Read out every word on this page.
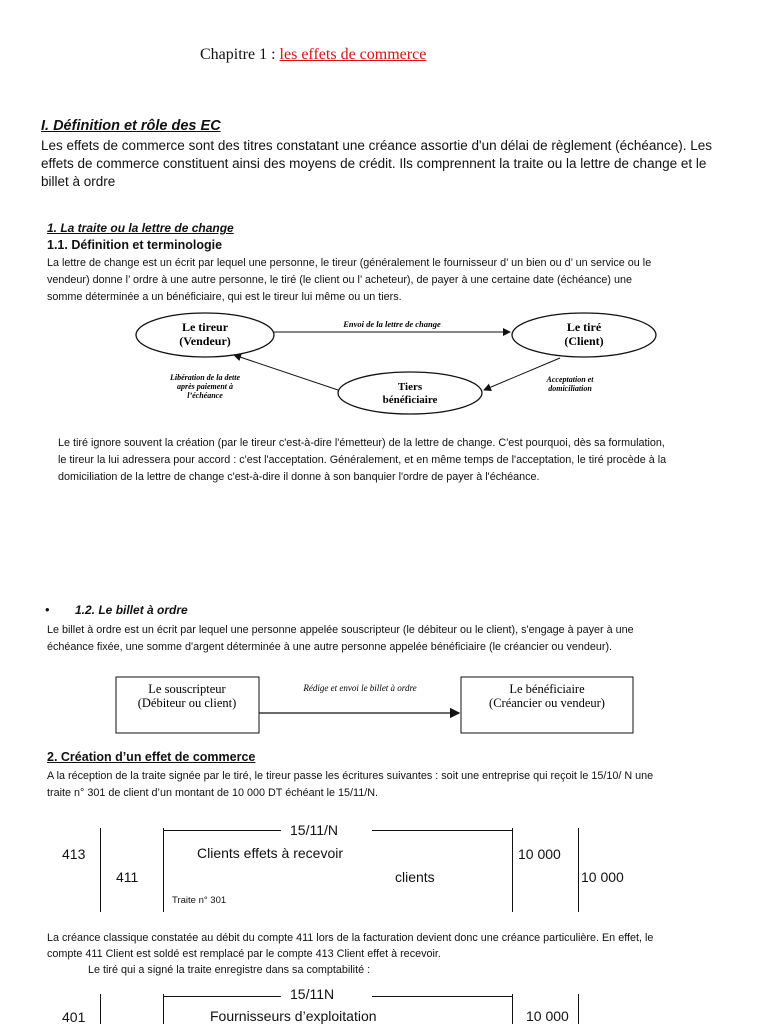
Chapitre 1 : les effets de commerce
I. Définition et rôle des EC
Les effets de commerce sont des titres constatant une créance assortie d'un délai de règlement (échéance). Les
effets de commerce constituent ainsi des moyens de crédit. Ils comprennent la traite ou la lettre de change et le
billet à ordre
1. La traite ou la lettre de change
1.1. Définition et terminologie
La lettre de change est un écrit par lequel une personne, le tireur (généralement le fournisseur d’ un bien ou d’ un service ou le
vendeur) donne l’ ordre à une autre personne, le tiré (le client ou l’ acheteur), de payer à une certaine date (échéance) une
somme déterminée a un bénéficiaire, qui est le tireur lui même ou un tiers.
Le tireur
(Vendeur)
Le tiré
(Client)
Tiers
bénéficiaire
Envoi de la lettre de change
Libération de la dette
après paiement à
l’échéance
Acceptation et
domiciliation
Le tiré ignore souvent la création (par le tireur c'est-à-dire l'émetteur) de la lettre de change. C'est pourquoi, dès sa formulation,
le tireur la lui adressera pour accord : c'est l'acceptation. Généralement, et en même temps de l'acceptation, le tiré procède à la
domiciliation de la lettre de change c'est-à-dire il donne à son banquier l'ordre de payer à l'échéance.
• 1.2. Le billet à ordre
Le billet à ordre est un écrit par lequel une personne appelée souscripteur (le débiteur ou le client), s'engage à payer à une
échéance fixée, une somme d'argent déterminée à une autre personne appelée bénéficiaire (le créancier ou vendeur).
Le souscripteur
(Débiteur ou client)
Le bénéficiaire
(Créancier ou vendeur)
Rédige et envoi le billet à ordre
2. Création d’un effet de commerce
A la réception de la traite signée par le tiré, le tireur passe les écritures suivantes : soit une entreprise qui reçoit le 15/10/ N une
traite n° 301 de client d’un montant de 10 000 DT échéant le 15/11/N.
15/11/N
413
411
Clients effets à recevoir
clients
10 000
10 000
Traite n° 301
La créance classique constatée au débit du compte 411 lors de la facturation devient donc une créance particulière. En effet, le
compte 411 Client est soldé est remplacé par le compte 413 Client effet à recevoir.
Le tiré qui a signé la traite enregistre dans sa comptabilité :
15/11N
401	Fournisseurs d’exploitation	10 000
